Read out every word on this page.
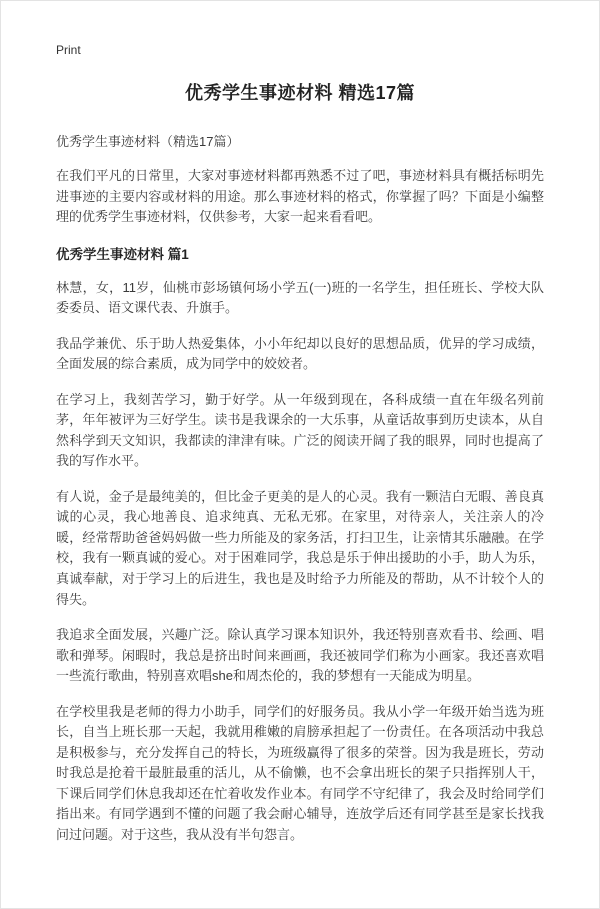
Print
优秀学生事迹材料 精选17篇
优秀学生事迹材料（精选17篇）

在我们平凡的日常里，大家对事迹材料都再熟悉不过了吧，事迹材料具有概括标明先进事迹的主要内容或材料的用途。那么事迹材料的格式，你掌握了吗？下面是小编整理的优秀学生事迹材料，仅供参考，大家一起来看看吧。

优秀学生事迹材料 篇1

林慧，女，11岁，仙桃市彭场镇何场小学五(一)班的一名学生，担任班长、学校大队委委员、语文课代表、升旗手。

我品学兼优、乐于助人热爱集体，小小年纪却以良好的思想品质，优异的学习成绩，全面发展的综合素质，成为同学中的姣姣者。

在学习上，我刻苦学习，勤于好学。从一年级到现在，各科成绩一直在年级名列前茅，年年被评为三好学生。读书是我课余的一大乐事，从童话故事到历史读本，从自然科学到天文知识，我都读的津津有味。广泛的阅读开阔了我的眼界，同时也提高了我的写作水平。

有人说，金子是最纯美的，但比金子更美的是人的心灵。我有一颗洁白无暇、善良真诚的心灵，我心地善良、追求纯真、无私无邪。在家里，对待亲人，关注亲人的冷暖，经常帮助爸爸妈妈做一些力所能及的家务活，打扫卫生，让亲情其乐融融。在学校，我有一颗真诚的爱心。对于困难同学，我总是乐于伸出援助的小手，助人为乐，真诚奉献，对于学习上的后进生，我也是及时给予力所能及的帮助，从不计较个人的得失。

我追求全面发展，兴趣广泛。除认真学习课本知识外，我还特别喜欢看书、绘画、唱歌和弹琴。闲暇时，我总是挤出时间来画画，我还被同学们称为小画家。我还喜欢唱一些流行歌曲，特别喜欢唱she和周杰伦的，我的梦想有一天能成为明星。

在学校里我是老师的得力小助手，同学们的好服务员。我从小学一年级开始当选为班长，自当上班长那一天起，我就用稚嫩的肩膀承担起了一份责任。在各项活动中我总是积极参与，充分发挥自己的特长，为班级赢得了很多的荣誉。因为我是班长，劳动时我总是抢着干最脏最重的活儿，从不偷懒，也不会拿出班长的架子只指挥别人干，下课后同学们休息我却还在忙着收发作业本。有同学不守纪律了，我会及时给同学们指出来。有同学遇到不懂的问题了我会耐心辅导，连放学后还有同学甚至是家长找我问过问题。对于这些，我从没有半句怨言。
